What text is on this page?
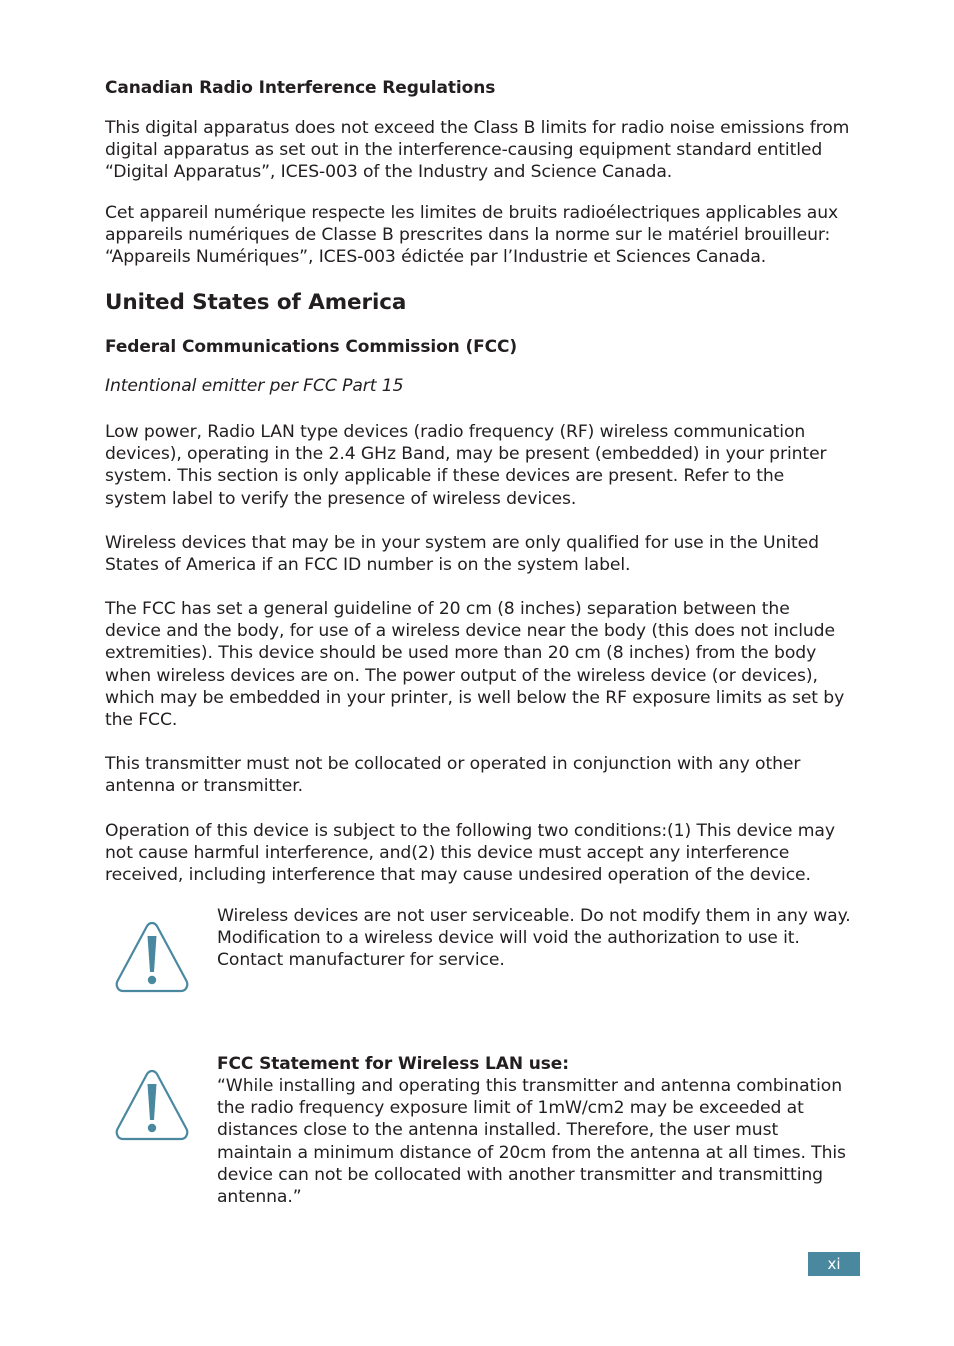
Canadian Radio Interference Regulations

This digital apparatus does not exceed the Class B limits for radio noise emissions from digital apparatus as set out in the interference-causing equipment standard entitled “Digital Apparatus”, ICES-003 of the Industry and Science Canada.

Cet appareil numérique respecte les limites de bruits radioélectriques applicables aux appareils numériques de Classe B prescrites dans la norme sur le matériel brouilleur: “Appareils Numériques”, ICES-003 édictée par l’Industrie et Sciences Canada.

United States of America

Federal Communications Commission (FCC)

Intentional emitter per FCC Part 15

Low power, Radio LAN type devices (radio frequency (RF) wireless communication devices), operating in the 2.4 GHz Band, may be present (embedded) in your printer system. This section is only applicable if these devices are present. Refer to the system label to verify the presence of wireless devices.

Wireless devices that may be in your system are only qualified for use in the United States of America if an FCC ID number is on the system label.

The FCC has set a general guideline of 20 cm (8 inches) separation between the device and the body, for use of a wireless device near the body (this does not include extremities). This device should be used more than 20 cm (8 inches) from the body when wireless devices are on. The power output of the wireless device (or devices), which may be embedded in your printer, is well below the RF exposure limits as set by the FCC.

This transmitter must not be collocated or operated in conjunction with any other antenna or transmitter.

Operation of this device is subject to the following two conditions:(1) This device may not cause harmful interference, and(2) this device must accept any interference received, including interference that may cause undesired operation of the device.

Wireless devices are not user serviceable. Do not modify them in any way. Modification to a wireless device will void the authorization to use it. Contact manufacturer for service.

FCC Statement for Wireless LAN use:

“While installing and operating this transmitter and antenna combination the radio frequency exposure limit of 1mW/cm2 may be exceeded at distances close to the antenna installed. Therefore, the user must maintain a minimum distance of 20cm from the antenna at all times. This device can not be collocated with another transmitter and transmitting antenna.”

xi
